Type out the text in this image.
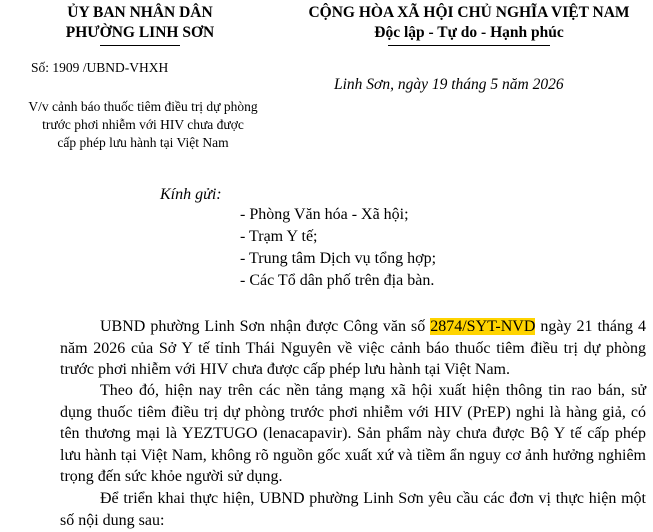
ỦY BAN NHÂN DÂN
PHƯỜNG LINH SƠN
Số: 1909 /UBND-VHXH
V/v cảnh báo thuốc tiêm điều trị dự phòng
trước phơi nhiễm với HIV chưa được
cấp phép lưu hành tại Việt Nam
CỘNG HÒA XÃ HỘI CHỦ NGHĨA VIỆT NAM
Độc lập - Tự do - Hạnh phúc
Linh Sơn, ngày 19 tháng 5 năm 2026
Kính gửi:
- Phòng Văn hóa - Xã hội;
- Trạm Y tế;
- Trung tâm Dịch vụ tổng hợp;
- Các Tổ dân phố trên địa bàn.
UBND phường Linh Sơn nhận được Công văn số 2874/SYT-NVD ngày 21 tháng 4 năm 2026 của Sở Y tế tỉnh Thái Nguyên về việc cảnh báo thuốc tiêm điều trị dự phòng trước phơi nhiễm với HIV chưa được cấp phép lưu hành tại Việt Nam.
Theo đó, hiện nay trên các nền tảng mạng xã hội xuất hiện thông tin rao bán, sử dụng thuốc tiêm điều trị dự phòng trước phơi nhiễm với HIV (PrEP) nghi là hàng giả, có tên thương mại là YEZTUGO (lenacapavir). Sản phẩm này chưa được Bộ Y tế cấp phép lưu hành tại Việt Nam, không rõ nguồn gốc xuất xứ và tiềm ẩn nguy cơ ảnh hưởng nghiêm trọng đến sức khỏe người sử dụng.
Để triển khai thực hiện, UBND phường Linh Sơn yêu cầu các đơn vị thực hiện một số nội dung sau:
